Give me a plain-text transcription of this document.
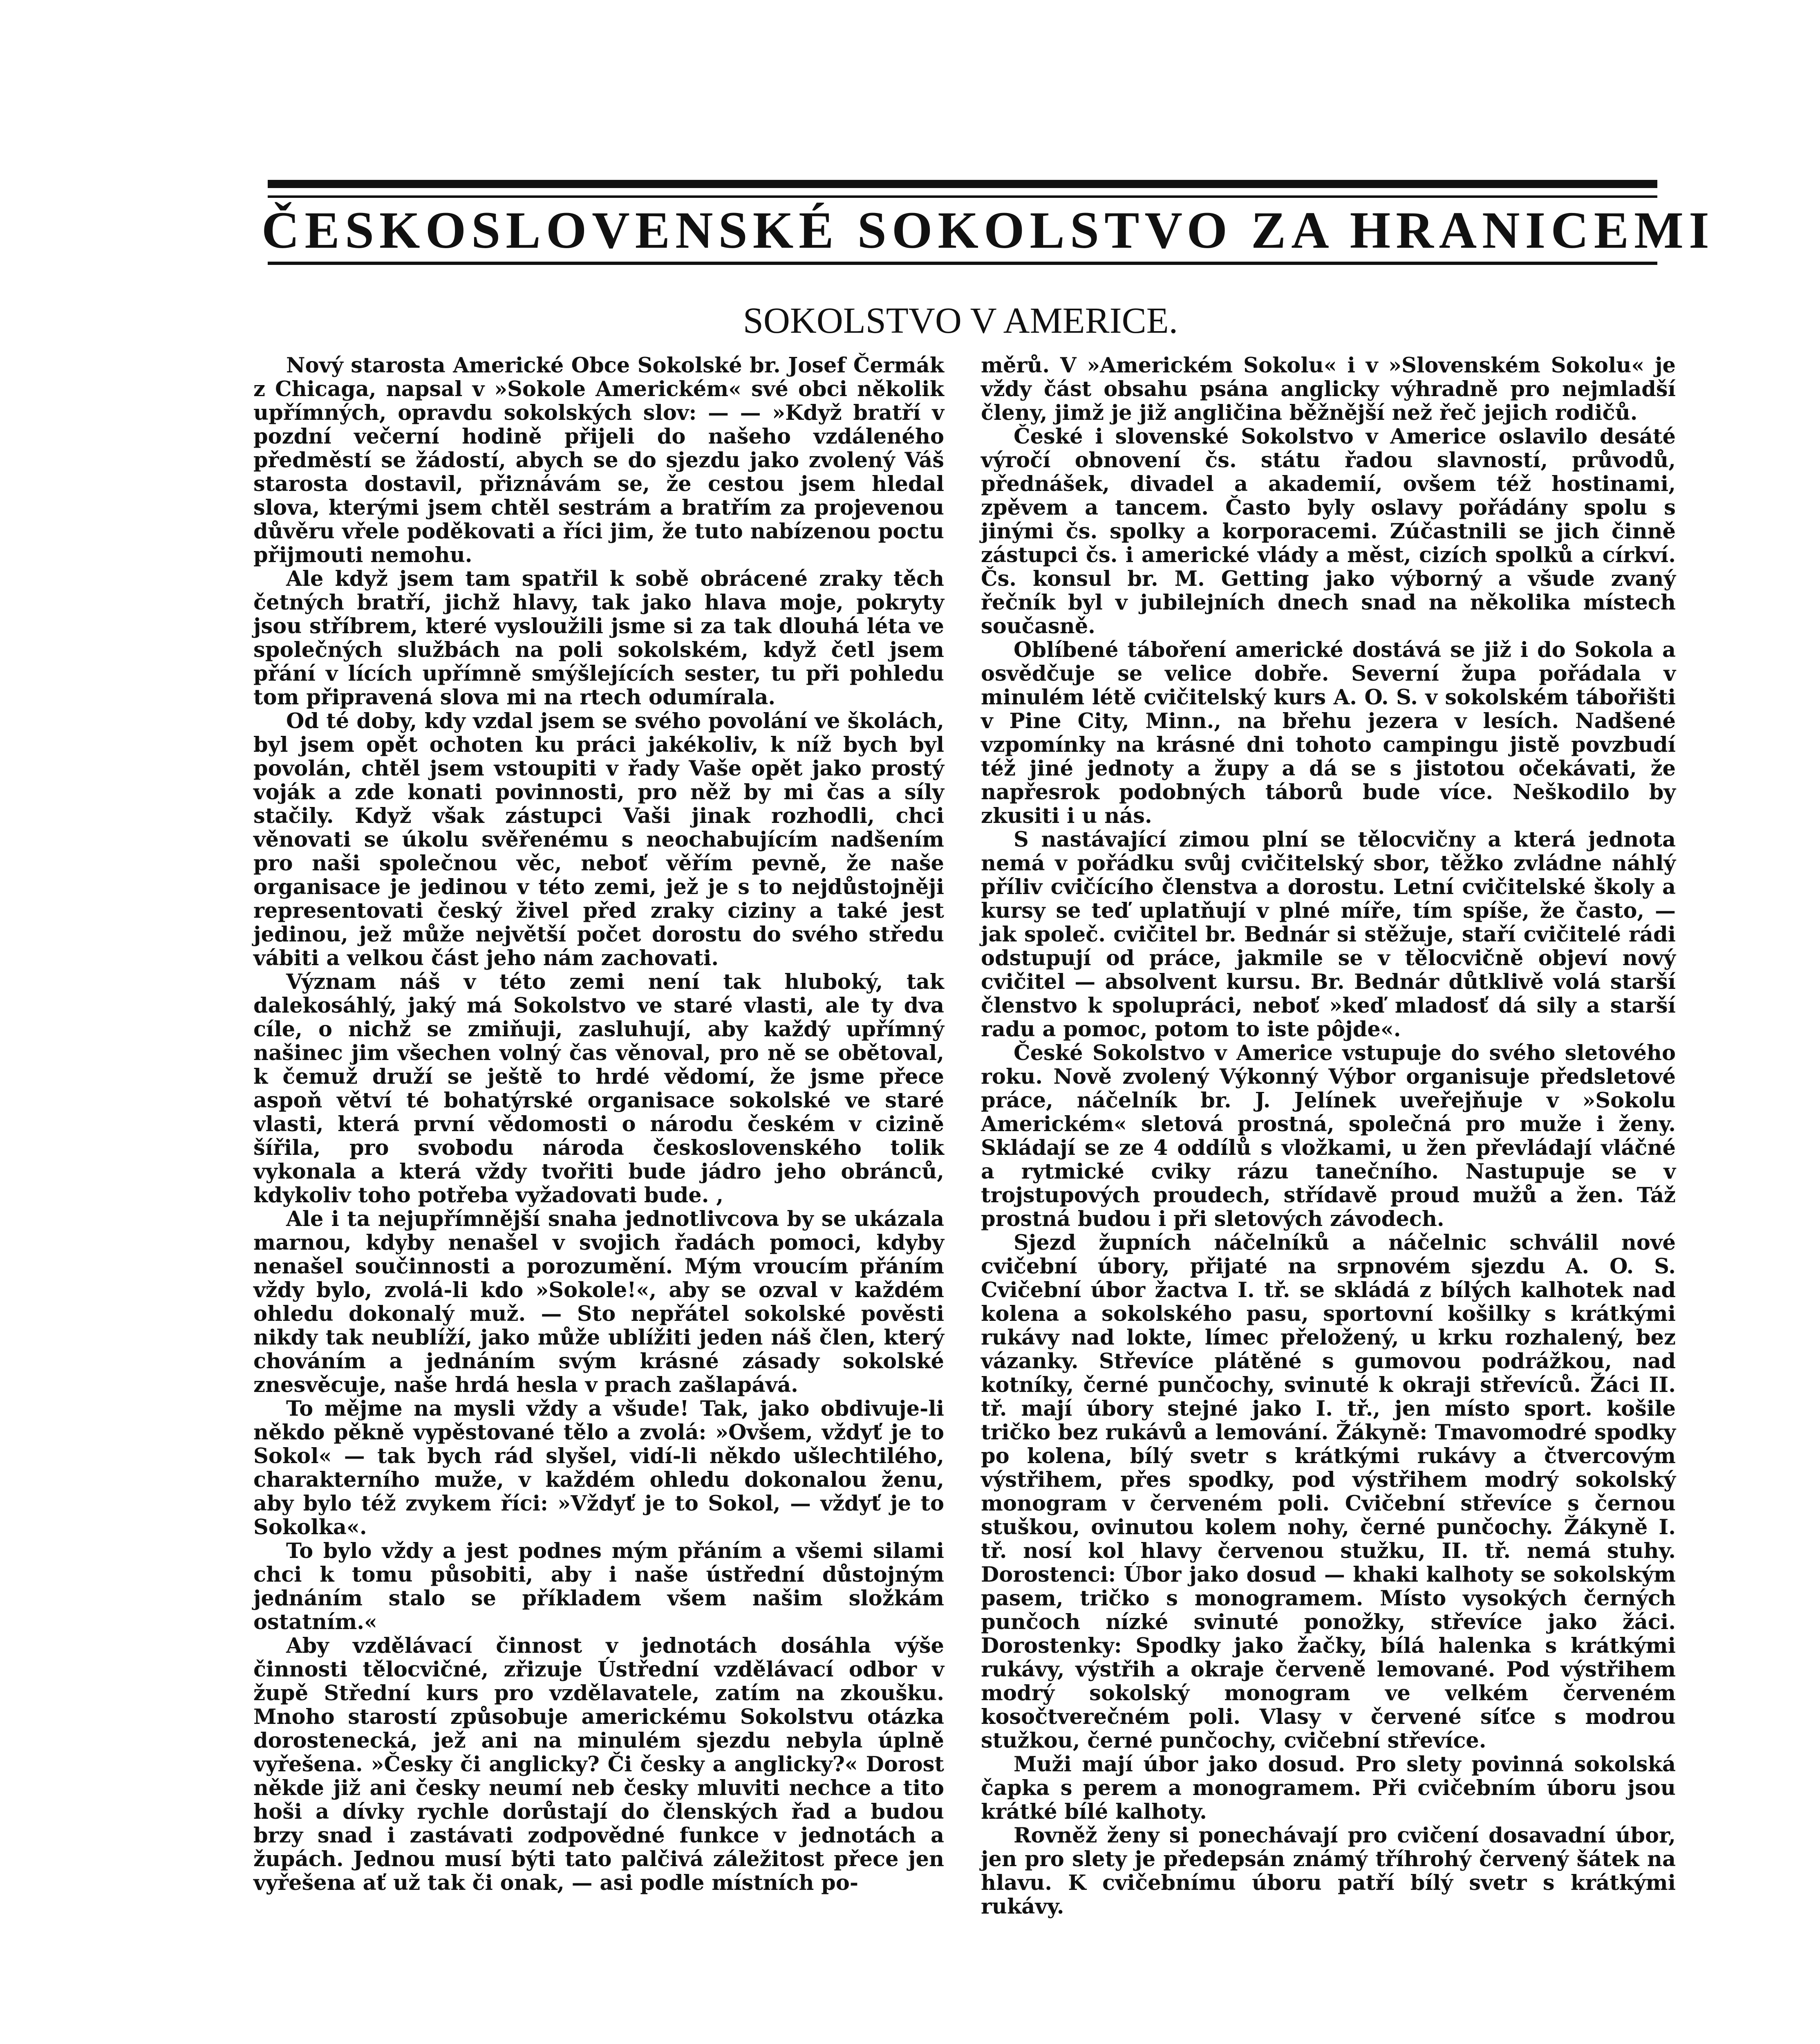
ČESKOSLOVENSKÉ SOKOLSTVO ZA HRANICEMI
SOKOLSTVO V AMERICE.

Nový starosta Americké Obce Sokolské br. Josef Čermák z Chicaga, napsal v »Sokole Americkém« své obci několik upřímných, opravdu sokolských slov: — — »Když bratří v pozdní večerní hodině přijeli do našeho vzdáleného předměstí se žádostí, abych se do sjezdu jako zvolený Váš starosta dostavil, přiznávám se, že cestou jsem hledal slova, kterými jsem chtěl sestrám a bratřím za projevenou důvěru vřele poděkovati a říci jim, že tuto nabízenou poctu přijmouti nemohu.

Ale když jsem tam spatřil k sobě obrácené zraky těch četných bratří, jichž hlavy, tak jako hlava moje, pokryty jsou stříbrem, které vysloužili jsme si za tak dlouhá léta ve společných službách na poli sokolském, když četl jsem přání v lících upřímně smýšlejících sester, tu při pohledu tom připravená slova mi na rtech odumírala.

Od té doby, kdy vzdal jsem se svého povolání ve školách, byl jsem opět ochoten ku práci jakékoliv, k níž bych byl povolán, chtěl jsem vstoupiti v řady Vaše opět jako prostý voják a zde konati povinnosti, pro něž by mi čas a síly stačily. Když však zástupci Vaši jinak rozhodli, chci věnovati se úkolu svěřenému s neochabujícím nadšením pro naši společnou věc, neboť věřím pevně, že naše organisace je jedinou v této zemi, jež je s to nejdůstojněji representovati český živel před zraky ciziny a také jest jedinou, jež může největší počet dorostu do svého středu vábiti a velkou část jeho nám zachovati.

Význam náš v této zemi není tak hluboký, tak dalekosáhlý, jaký má Sokolstvo ve staré vlasti, ale ty dva cíle, o nichž se zmiňuji, zasluhují, aby každý upřímný našinec jim všechen volný čas věnoval, pro ně se obětoval, k čemuž druží se ještě to hrdé vědomí, že jsme přece aspoň větví té bohatýrské organisace sokolské ve staré vlasti, která první vědomosti o národu českém v cizině šířila, pro svobodu národa československého tolik vykonala a která vždy tvořiti bude jádro jeho obránců, kdykoliv toho potřeba vyžadovati bude. ,

Ale i ta nejupřímnější snaha jednotlivcova by se ukázala marnou, kdyby nenašel v svojich řadách pomoci, kdyby nenašel součinnosti a porozumění. Mým vroucím přáním vždy bylo, zvolá-li kdo »Sokole!«, aby se ozval v každém ohledu dokonalý muž. — Sto nepřátel sokolské pověsti nikdy tak neublíží, jako může ublížiti jeden náš člen, který chováním a jednáním svým krásné zásady sokolské znesvěcuje, naše hrdá hesla v prach zašlapává.

To mějme na mysli vždy a všude! Tak, jako obdivuje-li někdo pěkně vypěstované tělo a zvolá: »Ovšem, vždyť je to Sokol« — tak bych rád slyšel, vidí-li někdo ušlechtilého, charakterního muže, v každém ohledu dokonalou ženu, aby bylo též zvykem říci: »Vždyť je to Sokol, — vždyť je to Sokolka«.

To bylo vždy a jest podnes mým přáním a všemi silami chci k tomu působiti, aby i naše ústřední důstojným jednáním stalo se příkladem všem našim složkám ostatním.«

Aby vzdělávací činnost v jednotách dosáhla výše činnosti tělocvičné, zřizuje Ústřední vzdělávací odbor v župě Střední kurs pro vzdělavatele, zatím na zkoušku. Mnoho starostí způsobuje americkému Sokolstvu otázka dorostenecká, jež ani na minulém sjezdu nebyla úplně vyřešena. »Česky či anglicky? Či česky a anglicky?« Dorost někde již ani česky neumí neb česky mluviti nechce a tito hoši a dívky rychle dorůstají do členských řad a budou brzy snad i zastávati zodpovědné funkce v jednotách a župách. Jednou musí býti tato palčivá záležitost přece jen vyřešena ať už tak či onak, — asi podle místních po-

měrů. V »Americkém Sokolu« i v »Slovenském Sokolu« je vždy část obsahu psána anglicky výhradně pro nejmladší členy, jimž je již angličina běžnější než řeč jejich rodičů.

České i slovenské Sokolstvo v Americe oslavilo desáté výročí obnovení čs. státu řadou slavností, průvodů, přednášek, divadel a akademií, ovšem též hostinami, zpěvem a tancem. Často byly oslavy pořádány spolu s jinými čs. spolky a korporacemi. Zúčastnili se jich činně zástupci čs. i americké vlády a měst, cizích spolků a církví. Čs. konsul br. M. Getting jako výborný a všude zvaný řečník byl v jubilejních dnech snad na několika místech současně.

Oblíbené táboření americké dostává se již i do Sokola a osvědčuje se velice dobře. Severní župa pořádala v minulém létě cvičitelský kurs A. O. S. v sokolském tábořišti v Pine City, Minn., na břehu jezera v lesích. Nadšené vzpomínky na krásné dni tohoto campingu jistě povzbudí též jiné jednoty a župy a dá se s jistotou očekávati, že napřesrok podobných táborů bude více. Neškodilo by zkusiti i u nás.

S nastávající zimou plní se tělocvičny a která jednota nemá v pořádku svůj cvičitelský sbor, těžko zvládne náhlý příliv cvičícího členstva a dorostu. Letní cvičitelské školy a kursy se teď uplatňují v plné míře, tím spíše, že často, — jak společ. cvičitel br. Bednár si stěžuje, staří cvičitelé rádi odstupují od práce, jakmile se v tělocvičně objeví nový cvičitel — absolvent kursu. Br. Bednár důtklivě volá starší členstvo k spolupráci, neboť »keď mladosť dá sily a starší radu a pomoc, potom to iste pôjde«.

České Sokolstvo v Americe vstupuje do svého sletového roku. Nově zvolený Výkonný Výbor organisuje předsletové práce, náčelník br. J. Jelínek uveřejňuje v »Sokolu Americkém« sletová prostná, společná pro muže i ženy. Skládají se ze 4 oddílů s vložkami, u žen převládají vláčné a rytmické cviky rázu tanečního. Nastupuje se v trojstupových proudech, střídavě proud mužů a žen. Táž prostná budou i při sletových závodech.

Sjezd župních náčelníků a náčelnic schválil nové cvičební úbory, přijaté na srpnovém sjezdu A. O. S. Cvičební úbor žactva I. tř. se skládá z bílých kalhotek nad kolena a sokolského pasu, sportovní košilky s krátkými rukávy nad lokte, límec přeložený, u krku rozhalený, bez vázanky. Střevíce plátěné s gumovou podrážkou, nad kotníky, černé punčochy, svinuté k okraji střevíců. Žáci II. tř. mají úbory stejné jako I. tř., jen místo sport. košile tričko bez rukávů a lemování. Žákyně: Tmavomodré spodky po kolena, bílý svetr s krátkými rukávy a čtvercovým výstřihem, přes spodky, pod výstřihem modrý sokolský monogram v červeném poli. Cvičební střevíce s černou stuškou, ovinutou kolem nohy, černé punčochy. Žákyně I. tř. nosí kol hlavy červenou stužku, II. tř. nemá stuhy. Dorostenci: Úbor jako dosud — khaki kalhoty se sokolským pasem, tričko s monogramem. Místo vysokých černých punčoch nízké svinuté ponožky, střevíce jako žáci. Dorostenky: Spodky jako žačky, bílá halenka s krátkými rukávy, výstřih a okraje červeně lemované. Pod výstřihem modrý sokolský monogram ve velkém červeném kosočtverečném poli. Vlasy v červené síťce s modrou stužkou, černé punčochy, cvičební střevíce.

Muži mají úbor jako dosud. Pro slety povinná sokolská čapka s perem a monogramem. Při cvičebním úboru jsou krátké bílé kalhoty.

Rovněž ženy si ponechávají pro cvičení dosavadní úbor, jen pro slety je předepsán známý tříhrohý červený šátek na hlavu. K cvičebnímu úboru patří bílý svetr s krátkými rukávy.
